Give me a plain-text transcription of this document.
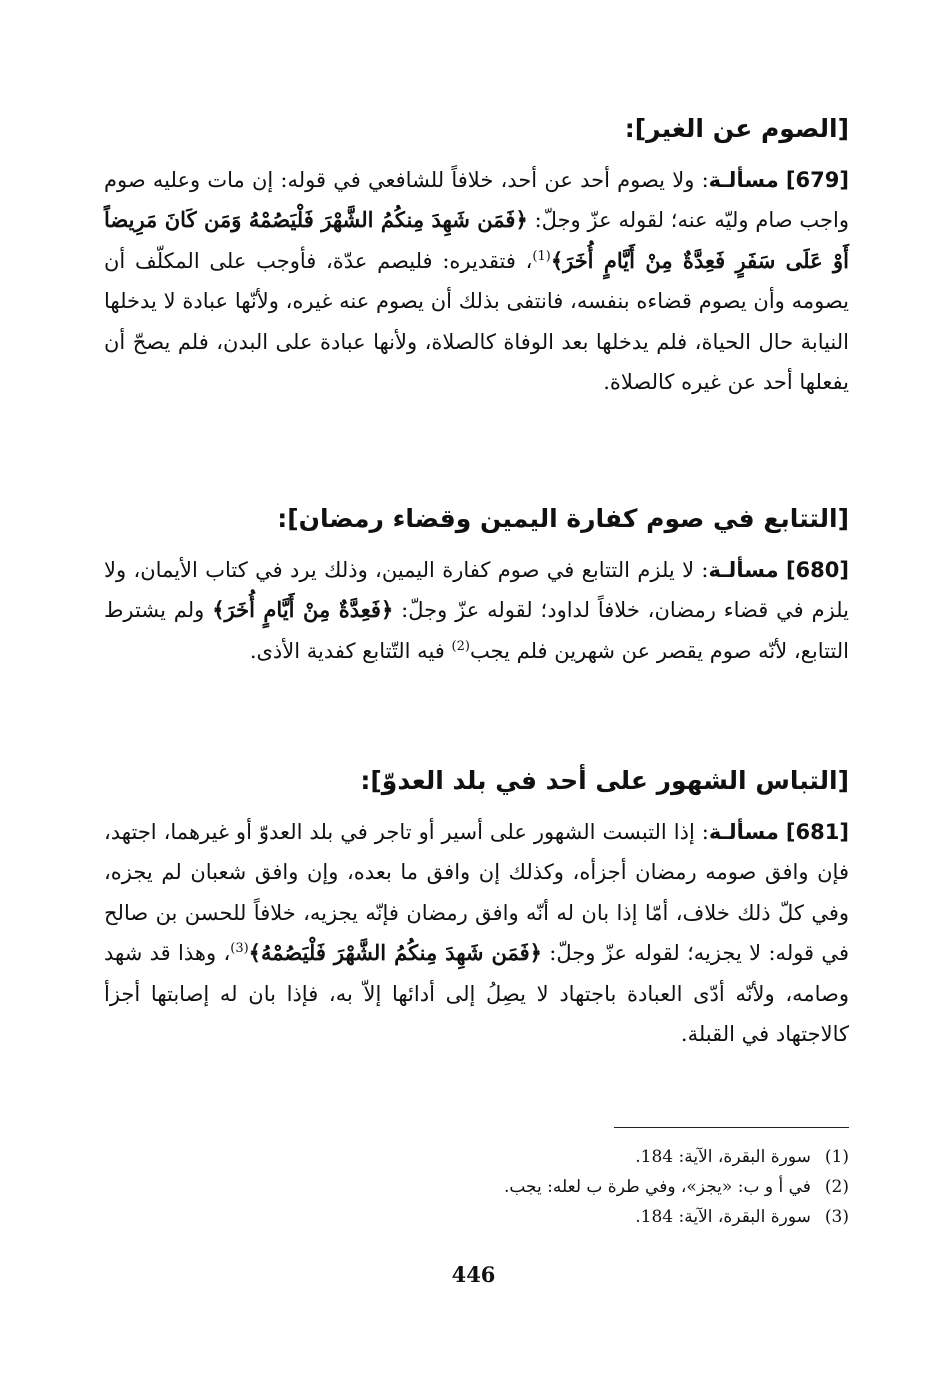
[الصوم عن الغير]:
[679] مسألـة: ولا يصوم أحد عن أحد، خلافاً للشافعي في قوله: إن مات وعليه صوم واجب صام وليّه عنه؛ لقوله عزّ وجلّ: ﴿فَمَن شَهِدَ مِنكُمُ الشَّهْرَ فَلْيَصُمْهُ وَمَن كَانَ مَرِيضاً أَوْ عَلَى سَفَرٍ فَعِدَّةٌ مِنْ أَيَّامٍ أُخَرَ﴾$^{(1)}$، فتقديره: فليصم عدّة، فأوجب على المكلّف أن يصومه وأن يصوم قضاءه بنفسه، فانتفى بذلك أن يصوم عنه غيره، ولأنّها عبادة لا يدخلها النيابة حال الحياة، فلم يدخلها بعد الوفاة كالصلاة، ولأنها عبادة على البدن، فلم يصحّ أن يفعلها أحد عن غيره كالصلاة.
[التتابع في صوم كفارة اليمين وقضاء رمضان]:
[680] مسألـة: لا يلزم التتابع في صوم كفارة اليمين، وذلك يرد في كتاب الأيمان، ولا يلزم في قضاء رمضان، خلافاً لداود؛ لقوله عزّ وجلّ: ﴿فَعِدَّةٌ مِنْ أَيَّامٍ أُخَرَ﴾ ولم يشترط التتابع، لأنّه صوم يقصر عن شهرين فلم يجب$^{(2)}$ فيه التّتابع كفدية الأذى.
[التباس الشهور على أحد في بلد العدوّ]:
[681] مسألـة: إذا التبست الشهور على أسير أو تاجر في بلد العدوّ أو غيرهما، اجتهد، فإن وافق صومه رمضان أجزأه، وكذلك إن وافق ما بعده، وإن وافق شعبان لم يجزه، وفي كلّ ذلك خلاف، أمّا إذا بان له أنّه وافق رمضان فإنّه يجزيه، خلافاً للحسن بن صالح في قوله: لا يجزيه؛ لقوله عزّ وجلّ: ﴿فَمَن شَهِدَ مِنكُمُ الشَّهْرَ فَلْيَصُمْهُ﴾$^{(3)}$، وهذا قد شهد وصامه، ولأنّه أدّى العبادة باجتهاد لا يصِلُ إلى أدائها إلاّ به، فإذا بان له إصابتها أجزأ كالاجتهاد في القبلة.
(1)سورة البقرة، الآية: 184.
(2)في أ و ب: «يجز»، وفي طرة ب لعله: يجب.
(3)سورة البقرة، الآية: 184.
446
